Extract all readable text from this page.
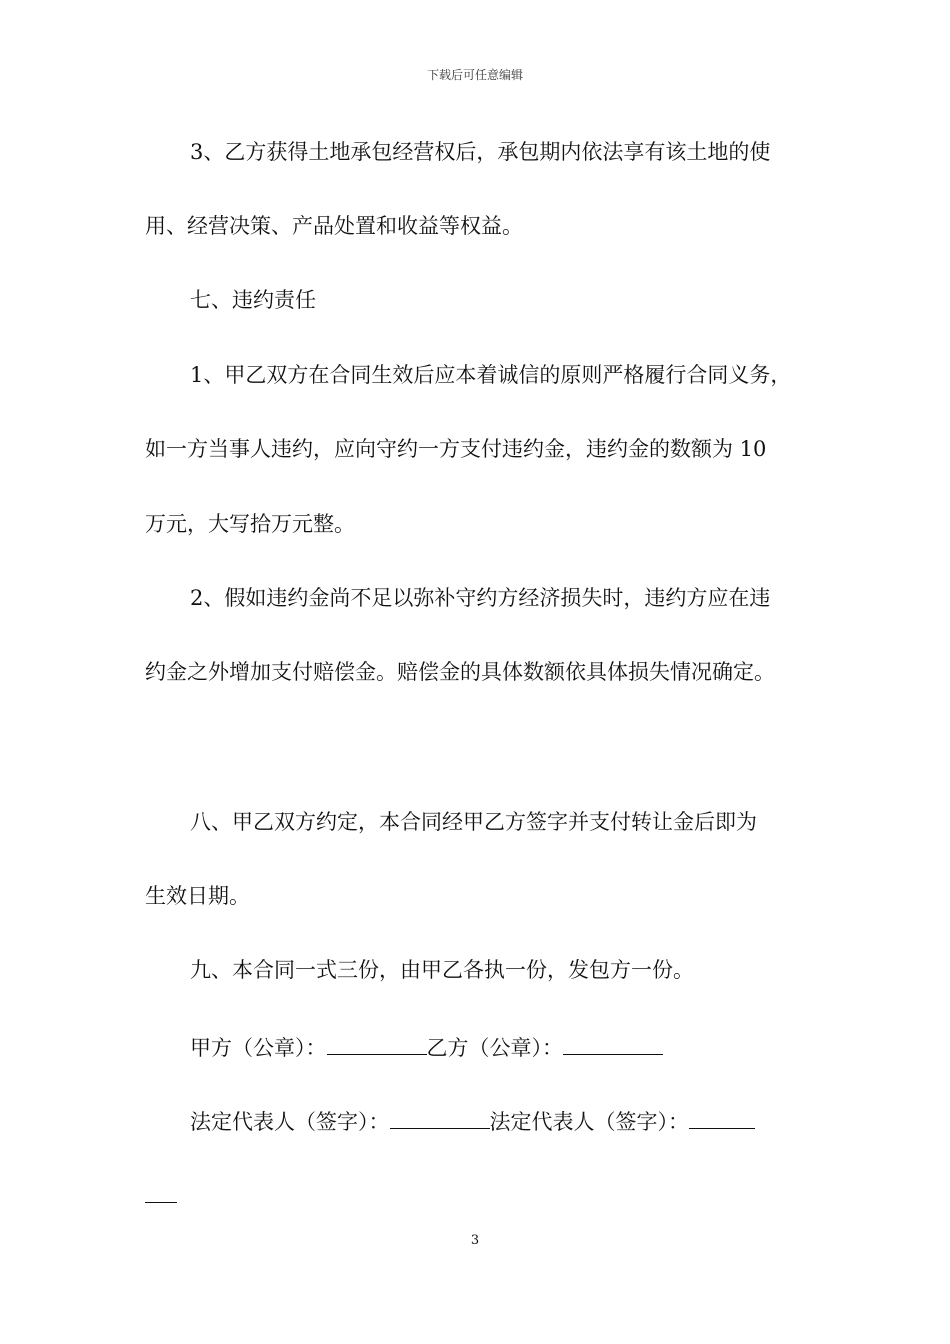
下载后可任意编辑
3、乙方获得土地承包经营权后，承包期内依法享有该土地的使
用、经营决策、产品处置和收益等权益。
七、违约责任
1、甲乙双方在合同生效后应本着诚信的原则严格履行合同义务，
如一方当事人违约，应向守约一方支付违约金，违约金的数额为 10
万元，大写拾万元整。
2、假如违约金尚不足以弥补守约方经济损失时，违约方应在违
约金之外增加支付赔偿金。赔偿金的具体数额依具体损失情况确定。
八、甲乙双方约定，本合同经甲乙方签字并支付转让金后即为
生效日期。
九、本合同一式三份，由甲乙各执一份，发包方一份。
甲方（公章）：	乙方（公章）：
法定代表人（签字）：	法定代表人（签字）：
3
